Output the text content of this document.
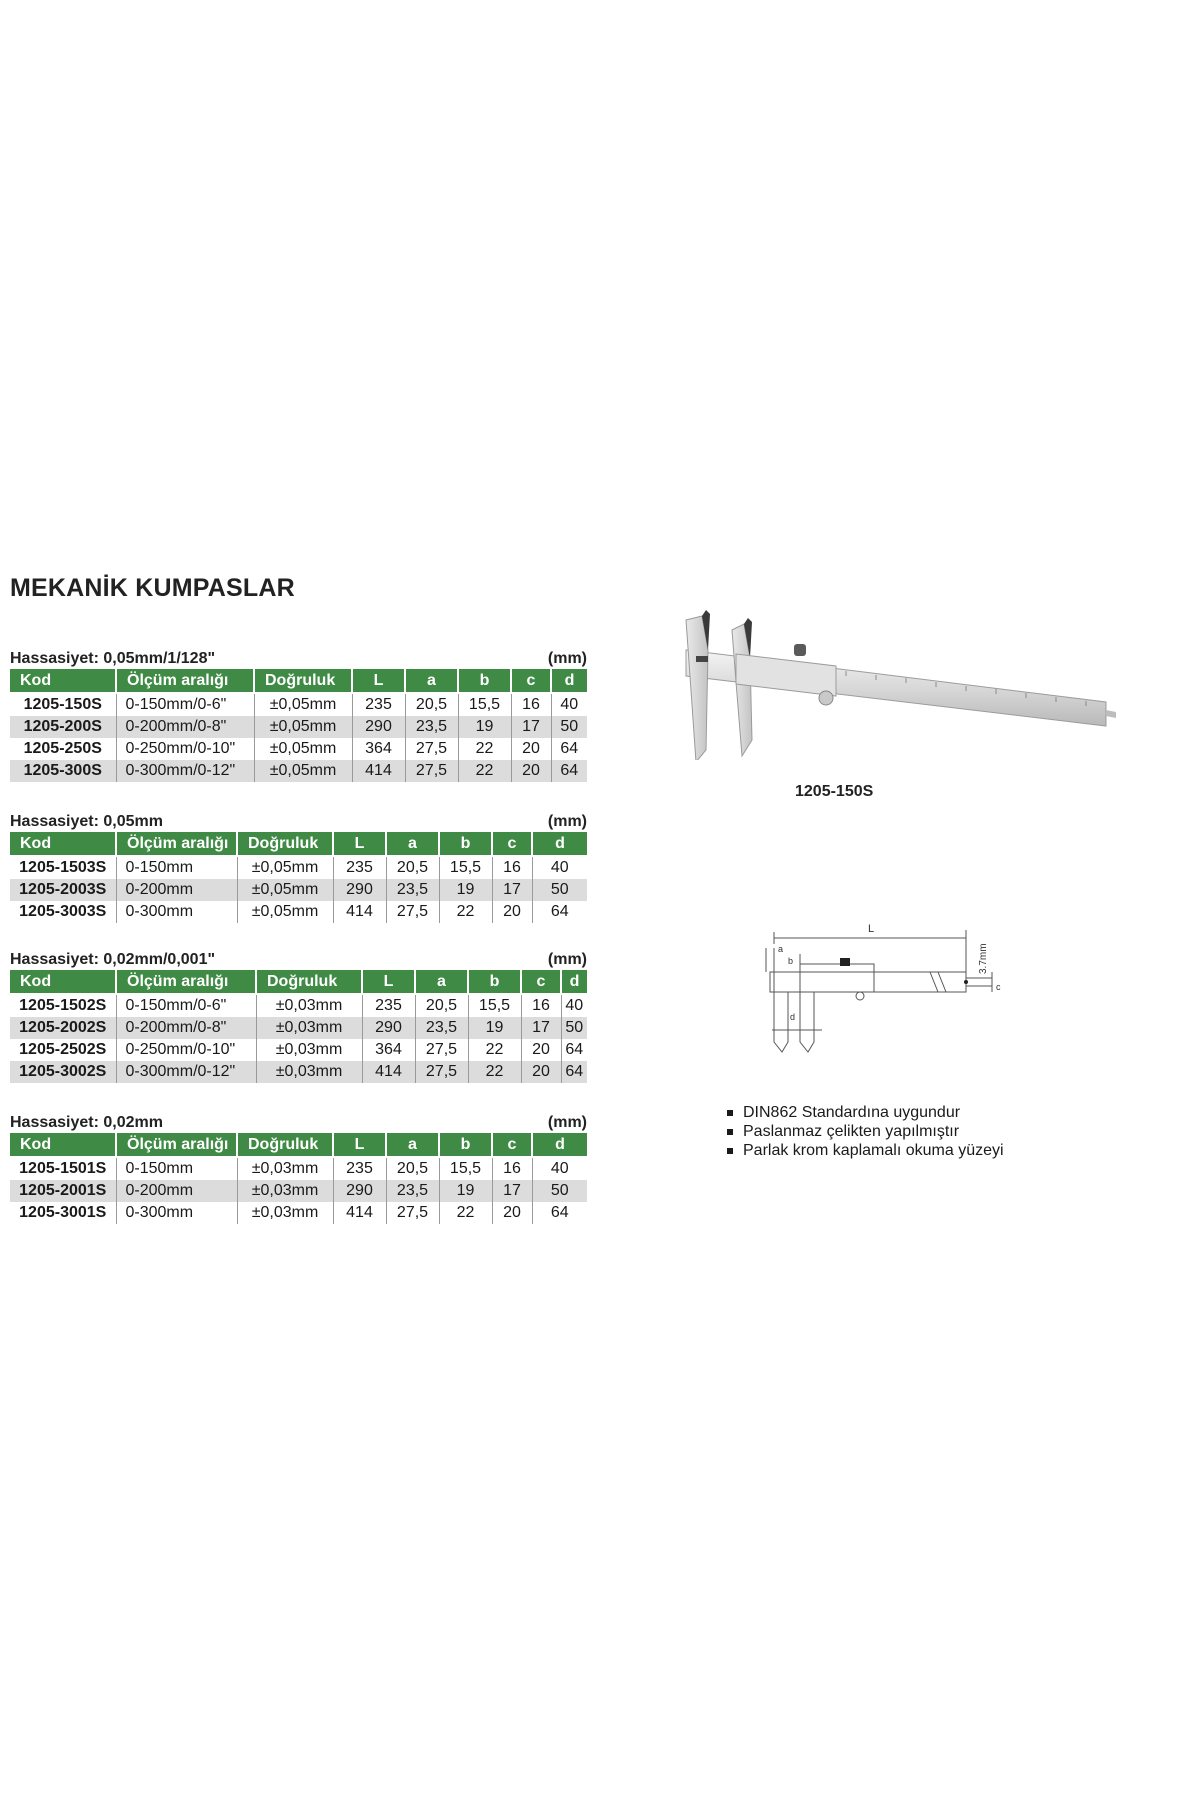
MEKANİK KUMPASLAR
Hassasiyet: 0,05mm/1/128"	(mm)
Kod	Ölçüm aralığı	Doğruluk	L	a	b	c	d
1205-150S	0-150mm/0-6"	±0,05mm	235	20,5	15,5	16	40
1205-200S	0-200mm/0-8"	±0,05mm	290	23,5	19	17	50
1205-250S	0-250mm/0-10"	±0,05mm	364	27,5	22	20	64
1205-300S	0-300mm/0-12"	±0,05mm	414	27,5	22	20	64
Hassasiyet: 0,05mm	(mm)
Kod	Ölçüm aralığı	Doğruluk	L	a	b	c	d
1205-1503S	0-150mm	±0,05mm	235	20,5	15,5	16	40
1205-2003S	0-200mm	±0,05mm	290	23,5	19	17	50
1205-3003S	0-300mm	±0,05mm	414	27,5	22	20	64
Hassasiyet: 0,02mm/0,001"	(mm)
Kod	Ölçüm aralığı	Doğruluk	L	a	b	c	d
1205-1502S	0-150mm/0-6"	±0,03mm	235	20,5	15,5	16	40
1205-2002S	0-200mm/0-8"	±0,03mm	290	23,5	19	17	50
1205-2502S	0-250mm/0-10"	±0,03mm	364	27,5	22	20	64
1205-3002S	0-300mm/0-12"	±0,03mm	414	27,5	22	20	64
Hassasiyet: 0,02mm	(mm)
Kod	Ölçüm aralığı	Doğruluk	L	a	b	c	d
1205-1501S	0-150mm	±0,03mm	235	20,5	15,5	16	40
1205-2001S	0-200mm	±0,03mm	290	23,5	19	17	50
1205-3001S	0-300mm	±0,03mm	414	27,5	22	20	64
1205-150S
L
a
b
d
c
3.7mm
DIN862 Standardına uygundur
Paslanmaz çelikten yapılmıştır
Parlak krom kaplamalı okuma yüzeyi
